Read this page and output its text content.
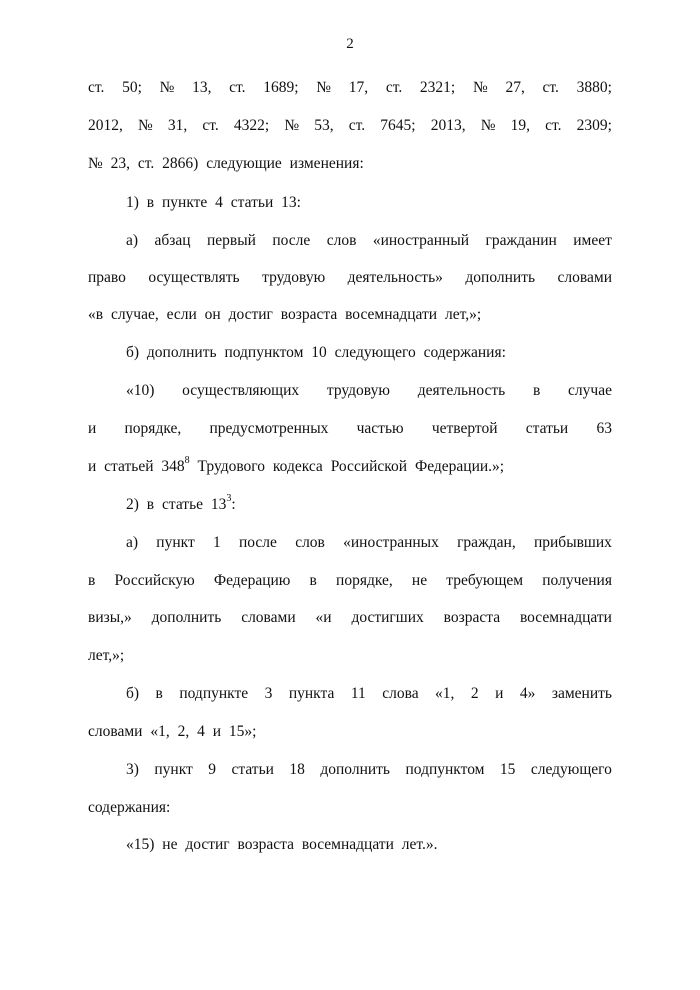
2
ст. 50; № 13, ст. 1689; № 17, ст. 2321; № 27, ст. 3880;
2012, № 31, ст. 4322; № 53, ст. 7645; 2013, № 19, ст. 2309;
№ 23, ст. 2866) следующие изменения:
1) в пункте 4 статьи 13:
а) абзац первый после слов «иностранный гражданин имеет
право осуществлять трудовую деятельность» дополнить словами
«в случае, если он достиг возраста восемнадцати лет,»;
б) дополнить подпунктом 10 следующего содержания:
«10) осуществляющих трудовую деятельность в случае
и порядке, предусмотренных частью четвертой статьи 63
и статьей $348^8$ Трудового кодекса Российской Федерации.»;
2) в статье $13^3$:
а) пункт 1 после слов «иностранных граждан, прибывших
в Российскую Федерацию в порядке, не требующем получения
визы,» дополнить словами «и достигших возраста восемнадцати
лет,»;
б) в подпункте 3 пункта 11 слова «1, 2 и 4» заменить
словами «1, 2, 4 и 15»;
3) пункт 9 статьи 18 дополнить подпунктом 15 следующего
содержания:
«15) не достиг возраста восемнадцати лет.».
